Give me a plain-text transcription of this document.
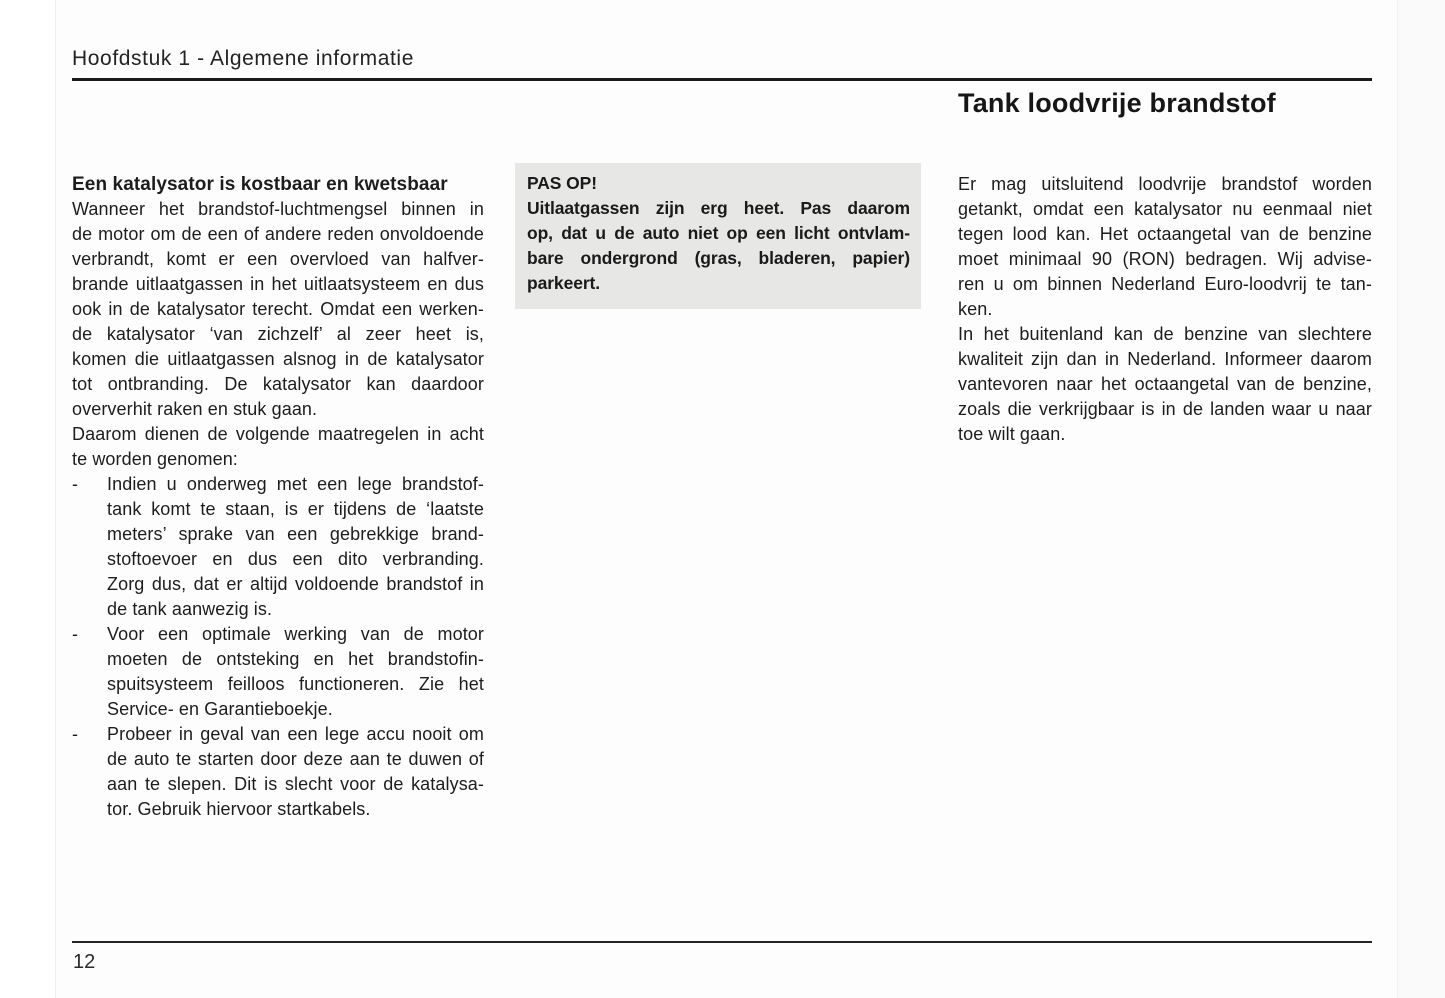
Hoofdstuk 1 - Algemene informatie
Tank loodvrije brandstof
Een katalysator is kostbaar en kwetsbaar
Wanneer het brandstof-luchtmengsel binnen in
de motor om de een of andere reden onvoldoende
verbrandt, komt er een overvloed van halfver-
brande uitlaatgassen in het uitlaatsysteem en dus
ook in de katalysator terecht. Omdat een werken-
de katalysator ‘van zichzelf’ al zeer heet is,
komen die uitlaatgassen alsnog in de katalysator
tot ontbranding. De katalysator kan daardoor
oververhit raken en stuk gaan.
Daarom dienen de volgende maatregelen in acht
te worden genomen:
-	Indien u onderweg met een lege brandstof-
tank komt te staan, is er tijdens de ‘laatste
meters’ sprake van een gebrekkige brand-
stoftoevoer en dus een dito verbranding.
Zorg dus, dat er altijd voldoende brandstof in
de tank aanwezig is.
-	Voor een optimale werking van de motor
moeten de ontsteking en het brandstofin-
spuitsysteem feilloos functioneren. Zie het
Service- en Garantieboekje.
-	Probeer in geval van een lege accu nooit om
de auto te starten door deze aan te duwen of
aan te slepen. Dit is slecht voor de katalysa-
tor. Gebruik hiervoor startkabels.
PAS OP!
Uitlaatgassen zijn erg heet. Pas daarom
op, dat u de auto niet op een licht ontvlam-
bare ondergrond (gras, bladeren, papier)
parkeert.
Er mag uitsluitend loodvrije brandstof worden
getankt, omdat een katalysator nu eenmaal niet
tegen lood kan. Het octaangetal van de benzine
moet minimaal 90 (RON) bedragen. Wij advise-
ren u om binnen Nederland Euro-loodvrij te tan-
ken.
In het buitenland kan de benzine van slechtere
kwaliteit zijn dan in Nederland. Informeer daarom
vantevoren naar het octaangetal van de benzine,
zoals die verkrijgbaar is in de landen waar u naar
toe wilt gaan.
12
